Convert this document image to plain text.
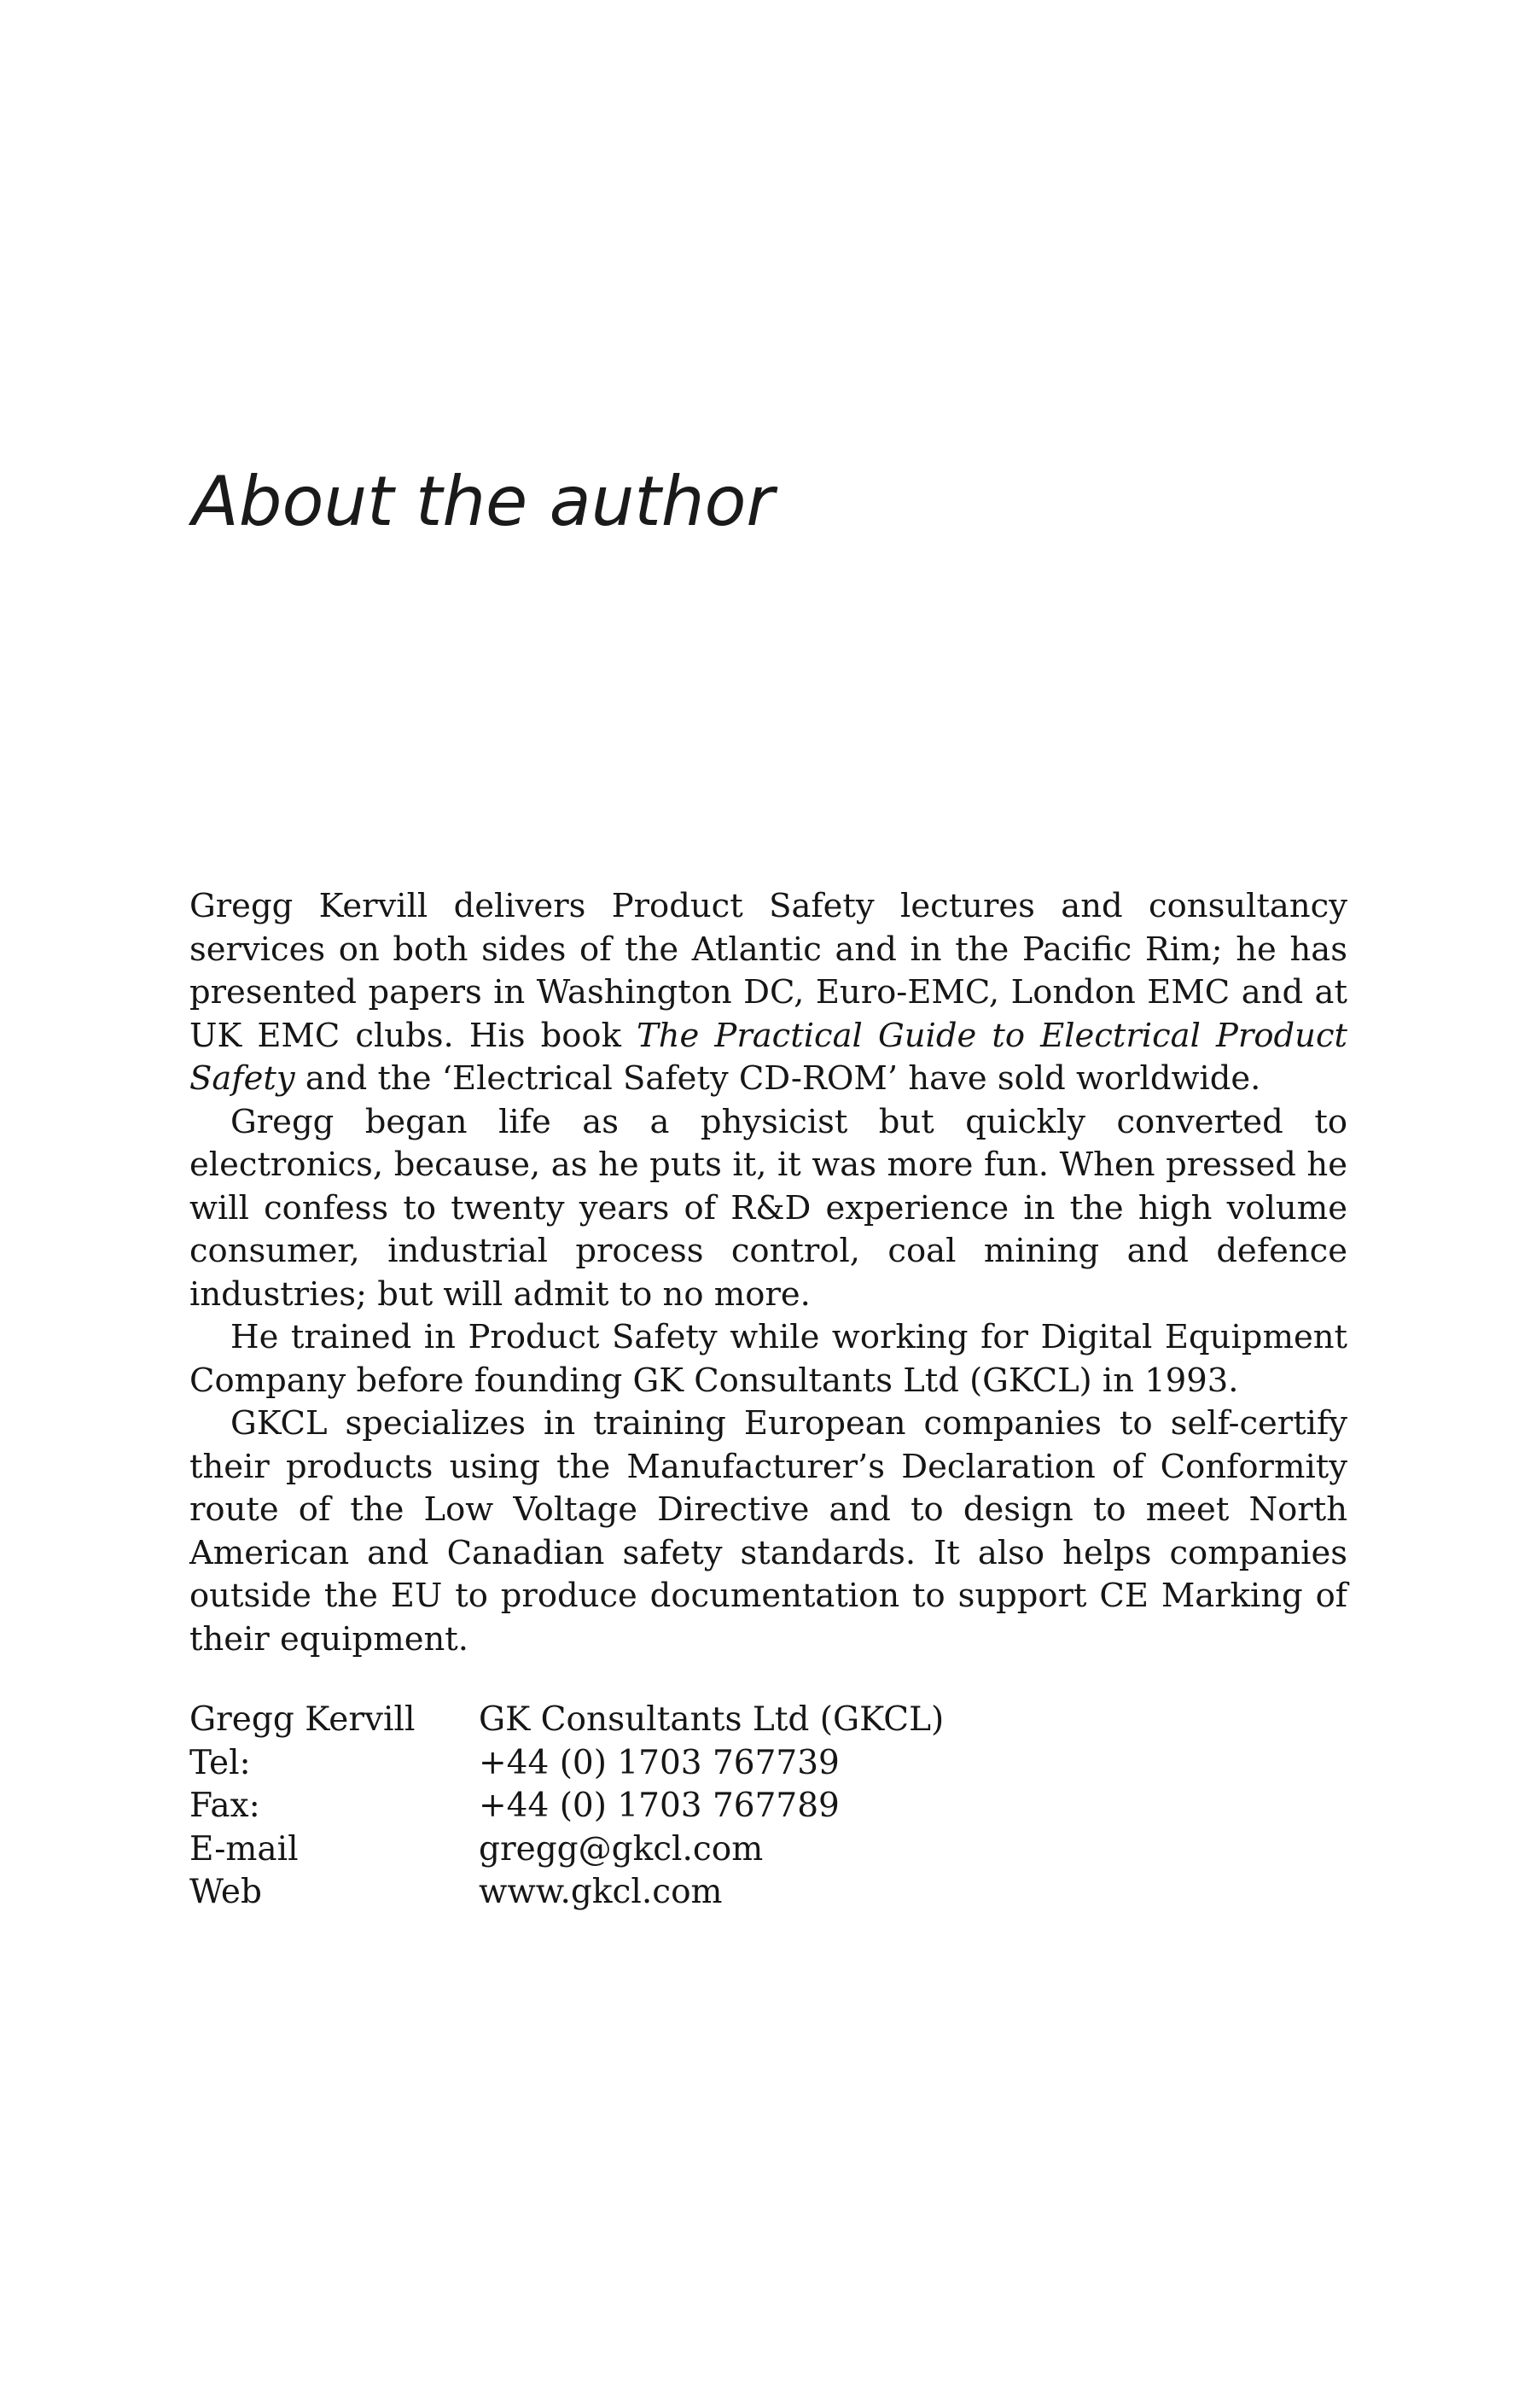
About the author

Gregg Kervill delivers Product Safety lectures and consultancy services on both sides of the Atlantic and in the Pacific Rim; he has presented papers in Washington DC, Euro-EMC, London EMC and at UK EMC clubs. His book The Practical Guide to Electrical Product Safety and the ‘Electrical Safety CD-ROM’ have sold worldwide.

Gregg began life as a physicist but quickly converted to electronics, because, as he puts it, it was more fun. When pressed he will confess to twenty years of R&D experience in the high volume consumer, industrial process control, coal mining and defence industries; but will admit to no more.

He trained in Product Safety while working for Digital Equipment Company before founding GK Consultants Ltd (GKCL) in 1993.

GKCL specializes in training European companies to self-certify their products using the Manufacturer’s Declaration of Conformity route of the Low Voltage Directive and to design to meet North American and Canadian safety standards. It also helps companies outside the EU to produce documentation to support CE Marking of their equipment.

Gregg Kervill	GK Consultants Ltd (GKCL)
Tel:	+44 (0) 1703 767739
Fax:	+44 (0) 1703 767789
E-mail	gregg@gkcl.com
Web	www.gkcl.com
